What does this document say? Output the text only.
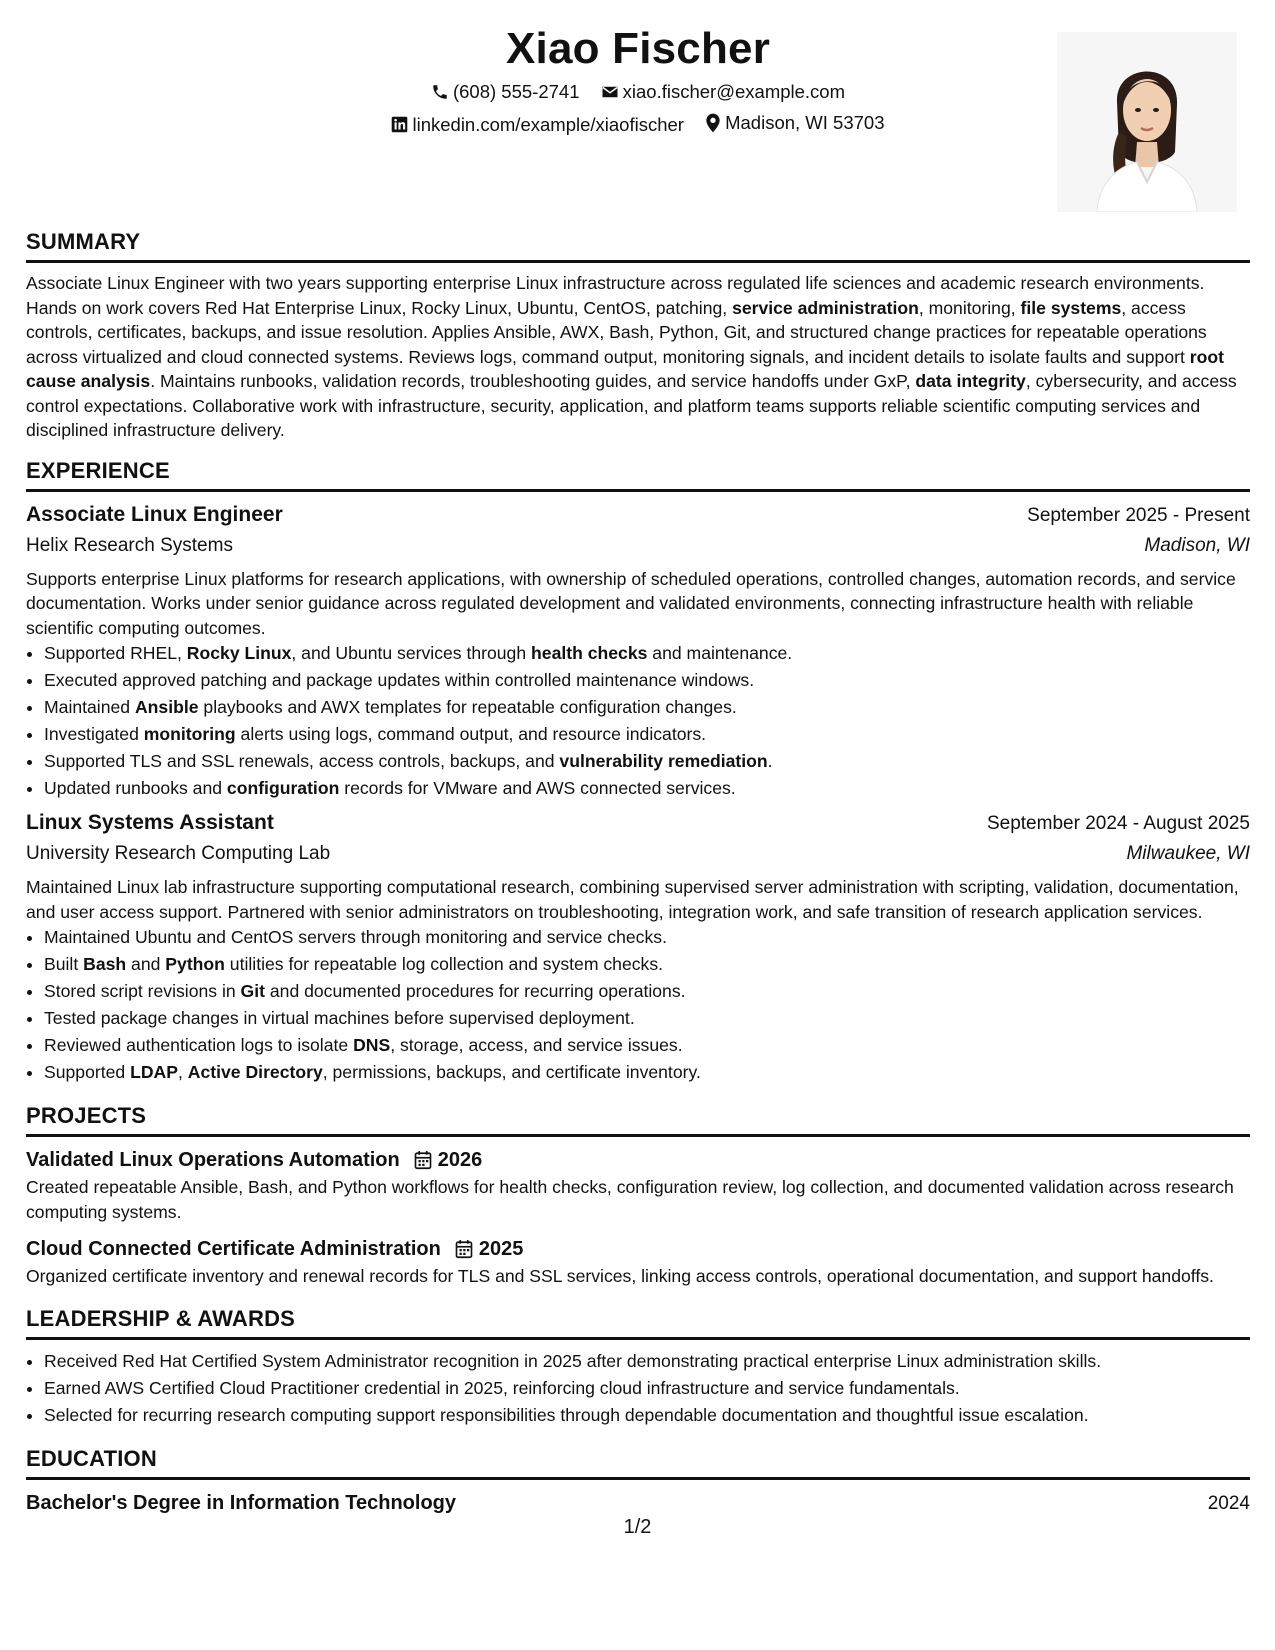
Xiao Fischer
(608) 555-2741
xiao.fischer@example.com
linkedin.com/example/xiaofischer
Madison, WI 53703
SUMMARY

Associate Linux Engineer with two years supporting enterprise Linux infrastructure across regulated life sciences and academic research environments. Hands on work covers Red Hat Enterprise Linux, Rocky Linux, Ubuntu, CentOS, patching, service administration, monitoring, file systems, access controls, certificates, backups, and issue resolution. Applies Ansible, AWX, Bash, Python, Git, and structured change practices for repeatable operations across virtualized and cloud connected systems. Reviews logs, command output, monitoring signals, and incident details to isolate faults and support root cause analysis. Maintains runbooks, validation records, troubleshooting guides, and service handoffs under GxP, data integrity, cybersecurity, and access control expectations. Collaborative work with infrastructure, security, application, and platform teams supports reliable scientific computing services and disciplined infrastructure delivery.

EXPERIENCE
Associate Linux Engineer	September 2025 - Present
Helix Research Systems	Madison, WI

Supports enterprise Linux platforms for research applications, with ownership of scheduled operations, controlled changes, automation records, and service documentation. Works under senior guidance across regulated development and validated environments, connecting infrastructure health with reliable scientific computing outcomes.

• Supported RHEL, Rocky Linux, and Ubuntu services through health checks and maintenance.
• Executed approved patching and package updates within controlled maintenance windows.
• Maintained Ansible playbooks and AWX templates for repeatable configuration changes.
• Investigated monitoring alerts using logs, command output, and resource indicators.
• Supported TLS and SSL renewals, access controls, backups, and vulnerability remediation.
• Updated runbooks and configuration records for VMware and AWS connected services.
Linux Systems Assistant	September 2024 - August 2025
University Research Computing Lab	Milwaukee, WI

Maintained Linux lab infrastructure supporting computational research, combining supervised server administration with scripting, validation, documentation, and user access support. Partnered with senior administrators on troubleshooting, integration work, and safe transition of research application services.

• Maintained Ubuntu and CentOS servers through monitoring and service checks.
• Built Bash and Python utilities for repeatable log collection and system checks.
• Stored script revisions in Git and documented procedures for recurring operations.
• Tested package changes in virtual machines before supervised deployment.
• Reviewed authentication logs to isolate DNS, storage, access, and service issues.
• Supported LDAP, Active Directory, permissions, backups, and certificate inventory.
PROJECTS
Validated Linux Operations Automation 2026

Created repeatable Ansible, Bash, and Python workflows for health checks, configuration review, log collection, and documented validation across research computing systems.

Cloud Connected Certificate Administration 2025

Organized certificate inventory and renewal records for TLS and SSL services, linking access controls, operational documentation, and support handoffs.

LEADERSHIP & AWARDS
• Received Red Hat Certified System Administrator recognition in 2025 after demonstrating practical enterprise Linux administration skills.
• Earned AWS Certified Cloud Practitioner credential in 2025, reinforcing cloud infrastructure and service fundamentals.
• Selected for recurring research computing support responsibilities through dependable documentation and thoughtful issue escalation.
EDUCATION
Bachelor's Degree in Information Technology	2024
1/2
